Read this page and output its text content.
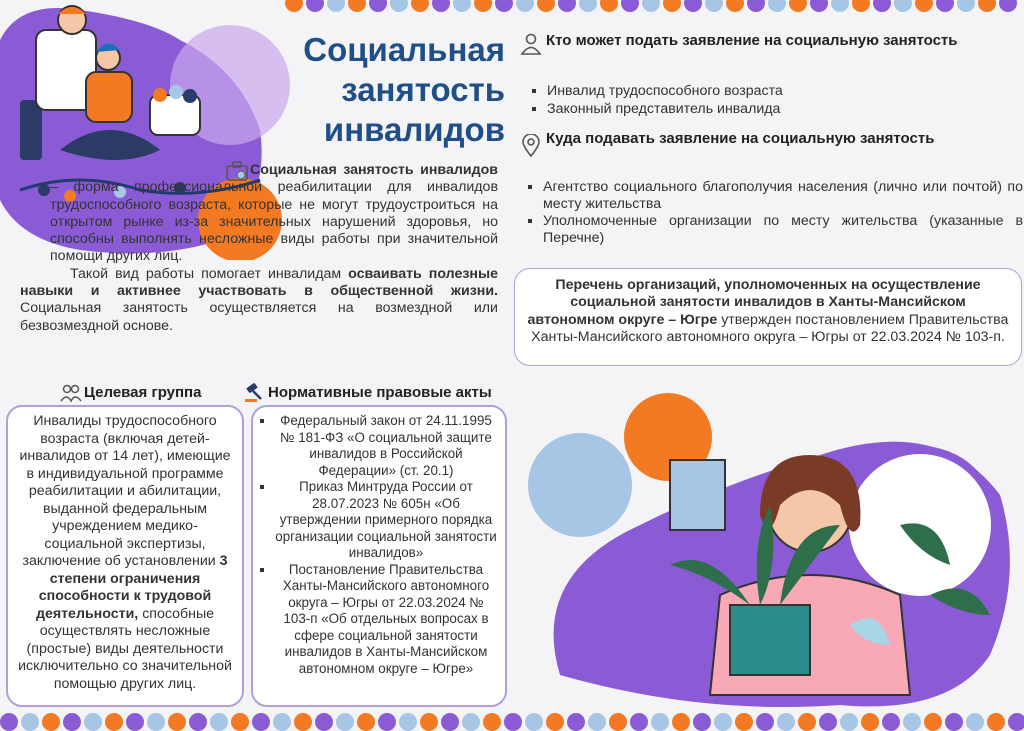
Социальная занятость инвалидов

Социальная занятость инвалидов – форма профессиональной реабилитации для инвалидов трудоспособного возраста, которые не могут трудоустроиться на открытом рынке из-за значительных нарушений здоровья, но способны выполнять несложные виды работы при значительной помощи других лиц.

Такой вид работы помогает инвалидам осваивать полезные навыки и активнее участвовать в общественной жизни. Социальная занятость осуществляется на возмездной или безвозмездной основе.

Целевая группа
Инвалиды трудоспособного возраста (включая детей-инвалидов от 14 лет), имеющие в индивидуальной программе реабилитации и абилитации, выданной федеральным учреждением медико-социальной экспертизы, заключение об установлении 3 степени ограничения способности к трудовой деятельности, способные осуществлять несложные (простые) виды деятельности исключительно со значительной помощью других лиц.
Нормативные правовые акты
▪ Федеральный закон от 24.11.1995 № 181-ФЗ «О социальной защите инвалидов в Российской Федерации» (ст. 20.1)
▪ Приказ Минтруда России от 28.07.2023 № 605н «Об утверждении примерного порядка организации социальной занятости инвалидов»
▪ Постановление Правительства Ханты-Мансийского автономного округа – Югры от 22.03.2024 № 103-п «Об отдельных вопросах в сфере социальной занятости инвалидов в Ханты-Мансийском автономном округе – Югре»
Кто может подать заявление на социальную занятость
▪ Инвалид трудоспособного возраста
▪ Законный представитель инвалида
Куда подавать заявление на социальную занятость
▪ Агентство социального благополучия населения (лично или почтой) по месту жительства
▪ Уполномоченные организации по месту жительства (указанные в Перечне)
Перечень организаций, уполномоченных на осуществление социальной занятости инвалидов в Ханты-Мансийском автономном округе – Югре утвержден постановлением Правительства Ханты-Мансийского автономного округа – Югры от 22.03.2024 № 103-п.
